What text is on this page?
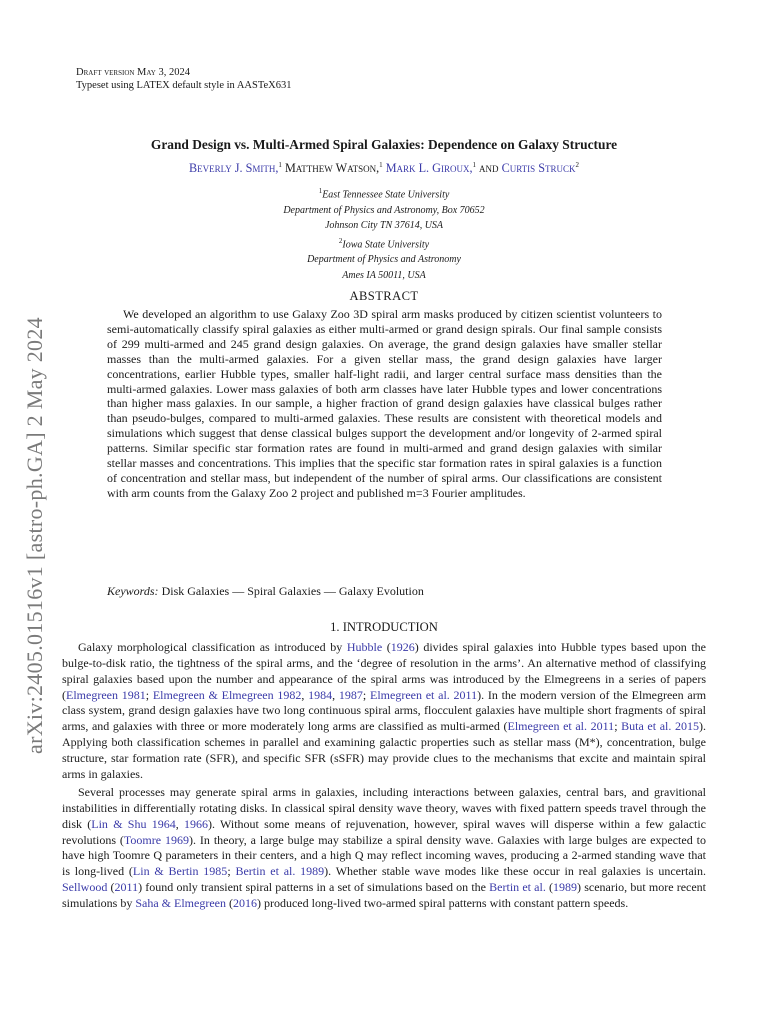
Draft version May 3, 2024
Typeset using LATEX default style in AASTeX631
arXiv:2405.01516v1 [astro-ph.GA] 2 May 2024
Grand Design vs. Multi-Armed Spiral Galaxies: Dependence on Galaxy Structure
Beverly J. Smith,$^1$ Matthew Watson,$^1$ Mark L. Giroux,$^1$ and Curtis Struck$^2$
$^1$East Tennessee State University
Department of Physics and Astronomy, Box 70652
Johnson City TN 37614, USA
$^2$Iowa State University
Department of Physics and Astronomy
Ames IA 50011, USA
ABSTRACT
We developed an algorithm to use Galaxy Zoo 3D spiral arm masks produced by citizen scientist volunteers to semi-automatically classify spiral galaxies as either multi-armed or grand design spirals. Our final sample consists of 299 multi-armed and 245 grand design galaxies. On average, the grand design galaxies have smaller stellar masses than the multi-armed galaxies. For a given stellar mass, the grand design galaxies have larger concentrations, earlier Hubble types, smaller half-light radii, and larger central surface mass densities than the multi-armed galaxies. Lower mass galaxies of both arm classes have later Hubble types and lower concentrations than higher mass galaxies. In our sample, a higher fraction of grand design galaxies have classical bulges rather than pseudo-bulges, compared to multi-armed galaxies. These results are consistent with theoretical models and simulations which suggest that dense classical bulges support the development and/or longevity of 2-armed spiral patterns. Similar specific star formation rates are found in multi-armed and grand design galaxies with similar stellar masses and concentrations. This implies that the specific star formation rates in spiral galaxies is a function of concentration and stellar mass, but independent of the number of spiral arms. Our classifications are consistent with arm counts from the Galaxy Zoo 2 project and published m=3 Fourier amplitudes.
Keywords: Disk Galaxies — Spiral Galaxies — Galaxy Evolution
1. INTRODUCTION
Galaxy morphological classification as introduced by Hubble (1926) divides spiral galaxies into Hubble types based upon the bulge-to-disk ratio, the tightness of the spiral arms, and the ‘degree of resolution in the arms’. An alternative method of classifying spiral galaxies based upon the number and appearance of the spiral arms was introduced by the Elmegreens in a series of papers (Elmegreen 1981; Elmegreen & Elmegreen 1982, 1984, 1987; Elmegreen et al. 2011). In the modern version of the Elmegreen arm class system, grand design galaxies have two long continuous spiral arms, flocculent galaxies have multiple short fragments of spiral arms, and galaxies with three or more moderately long arms are classified as multi-armed (Elmegreen et al. 2011; Buta et al. 2015). Applying both classification schemes in parallel and examining galactic properties such as stellar mass (M*), concentration, bulge structure, star formation rate (SFR), and specific SFR (sSFR) may provide clues to the mechanisms that excite and maintain spiral arms in galaxies.
Several processes may generate spiral arms in galaxies, including interactions between galaxies, central bars, and gravitional instabilities in differentially rotating disks. In classical spiral density wave theory, waves with fixed pattern speeds travel through the disk (Lin & Shu 1964, 1966). Without some means of rejuvenation, however, spiral waves will disperse within a few galactic revolutions (Toomre 1969). In theory, a large bulge may stabilize a spiral density wave. Galaxies with large bulges are expected to have high Toomre Q parameters in their centers, and a high Q may reflect incoming waves, producing a 2-armed standing wave that is long-lived (Lin & Bertin 1985; Bertin et al. 1989). Whether stable wave modes like these occur in real galaxies is uncertain. Sellwood (2011) found only transient spiral patterns in a set of simulations based on the Bertin et al. (1989) scenario, but more recent simulations by Saha & Elmegreen (2016) produced long-lived two-armed spiral patterns with constant pattern speeds.
